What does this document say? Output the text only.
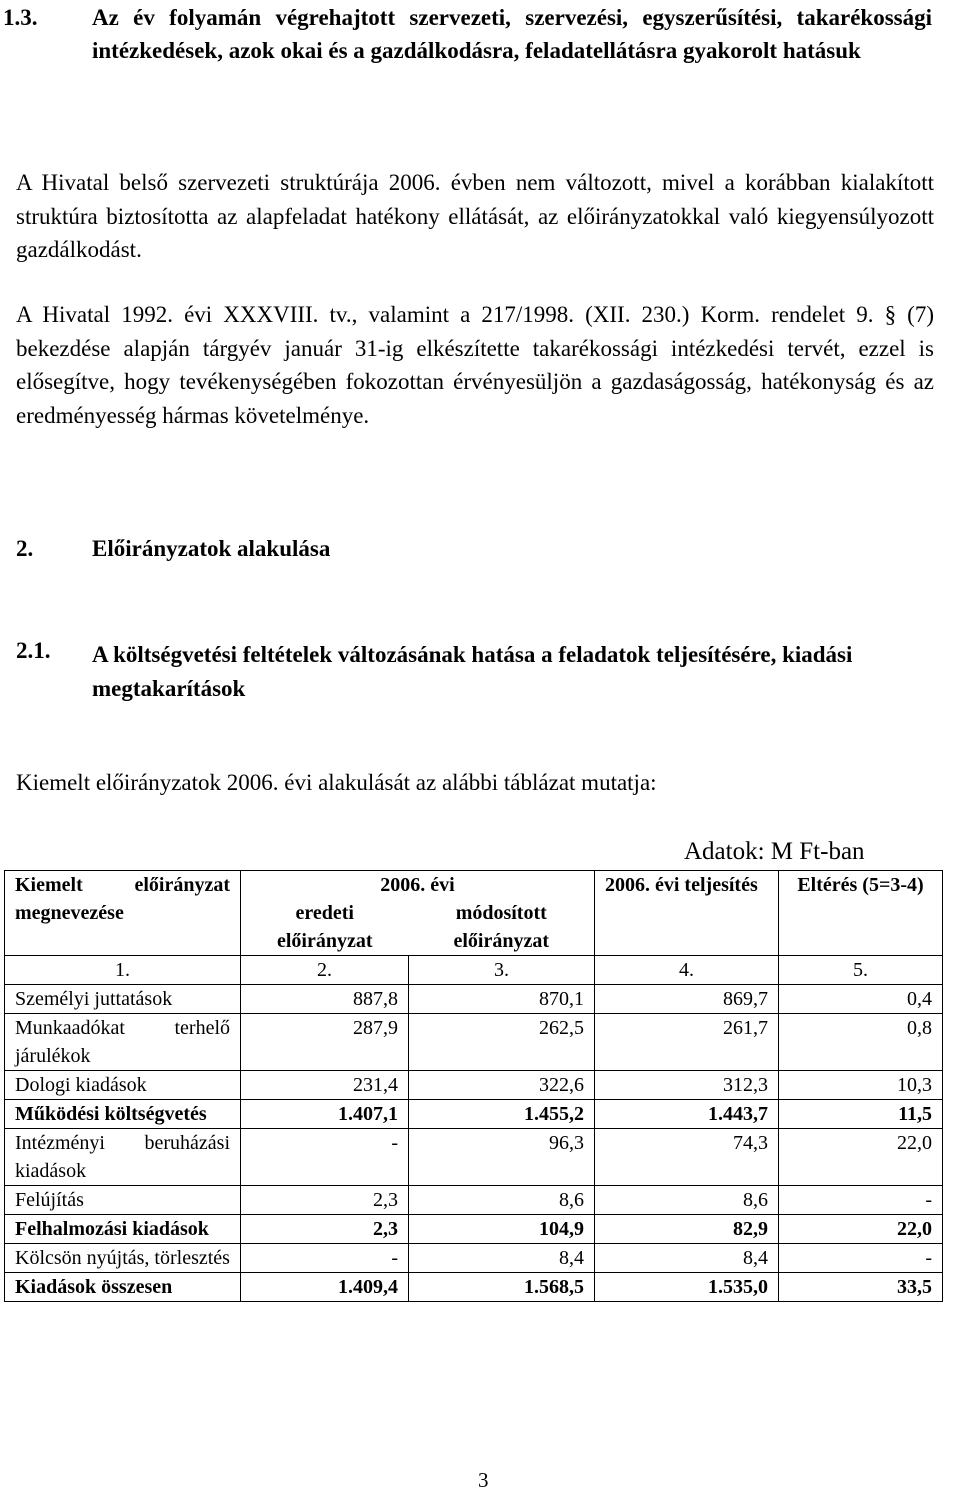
1.3. Az év folyamán végrehajtott szervezeti, szervezési, egyszerűsítési, takarékossági intézkedések, azok okai és a gazdálkodásra, feladatellátásra gyakorolt hatásuk
A Hivatal belső szervezeti struktúrája 2006. évben nem változott, mivel a korábban kialakított struktúra biztosította az alapfeladat hatékony ellátását, az előirányzatokkal való kiegyensúlyozott gazdálkodást.
A Hivatal 1992. évi XXXVIII. tv., valamint a 217/1998. (XII. 230.) Korm. rendelet 9. § (7) bekezdése alapján tárgyév január 31-ig elkészítette takarékossági intézkedési tervét, ezzel is elősegítve, hogy tevékenységében fokozottan érvényesüljön a gazdaságosság, hatékonyság és az eredményesség hármas követelménye.
2.	Előirányzatok alakulása
2.1. A költségvetési feltételek változásának hatása a feladatok teljesítésére, kiadási megtakarítások
Kiemelt előirányzatok 2006. évi alakulását az alábbi táblázat mutatja:
Adatok: M Ft-ban
Kiemelt előirányzat megnevezése	2006. évi		2006. évi teljesítés	Eltérés (5=3-4)
	eredeti előirányzat	módosított előirányzat		
1.	2.	3.	4.	5.
Személyi juttatások	887,8	870,1	869,7	0,4
Munkaadókat terhelő járulékok	287,9	262,5	261,7	0,8
Dologi kiadások	231,4	322,6	312,3	10,3
Működési költségvetés	1.407,1	1.455,2	1.443,7	11,5
Intézményi beruházási kiadások	-	96,3	74,3	22,0
Felújítás	2,3	8,6	8,6	-
Felhalmozási kiadások	2,3	104,9	82,9	22,0
Kölcsön nyújtás, törlesztés	-	8,4	8,4	-
Kiadások összesen	1.409,4	1.568,5	1.535,0	33,5
3
